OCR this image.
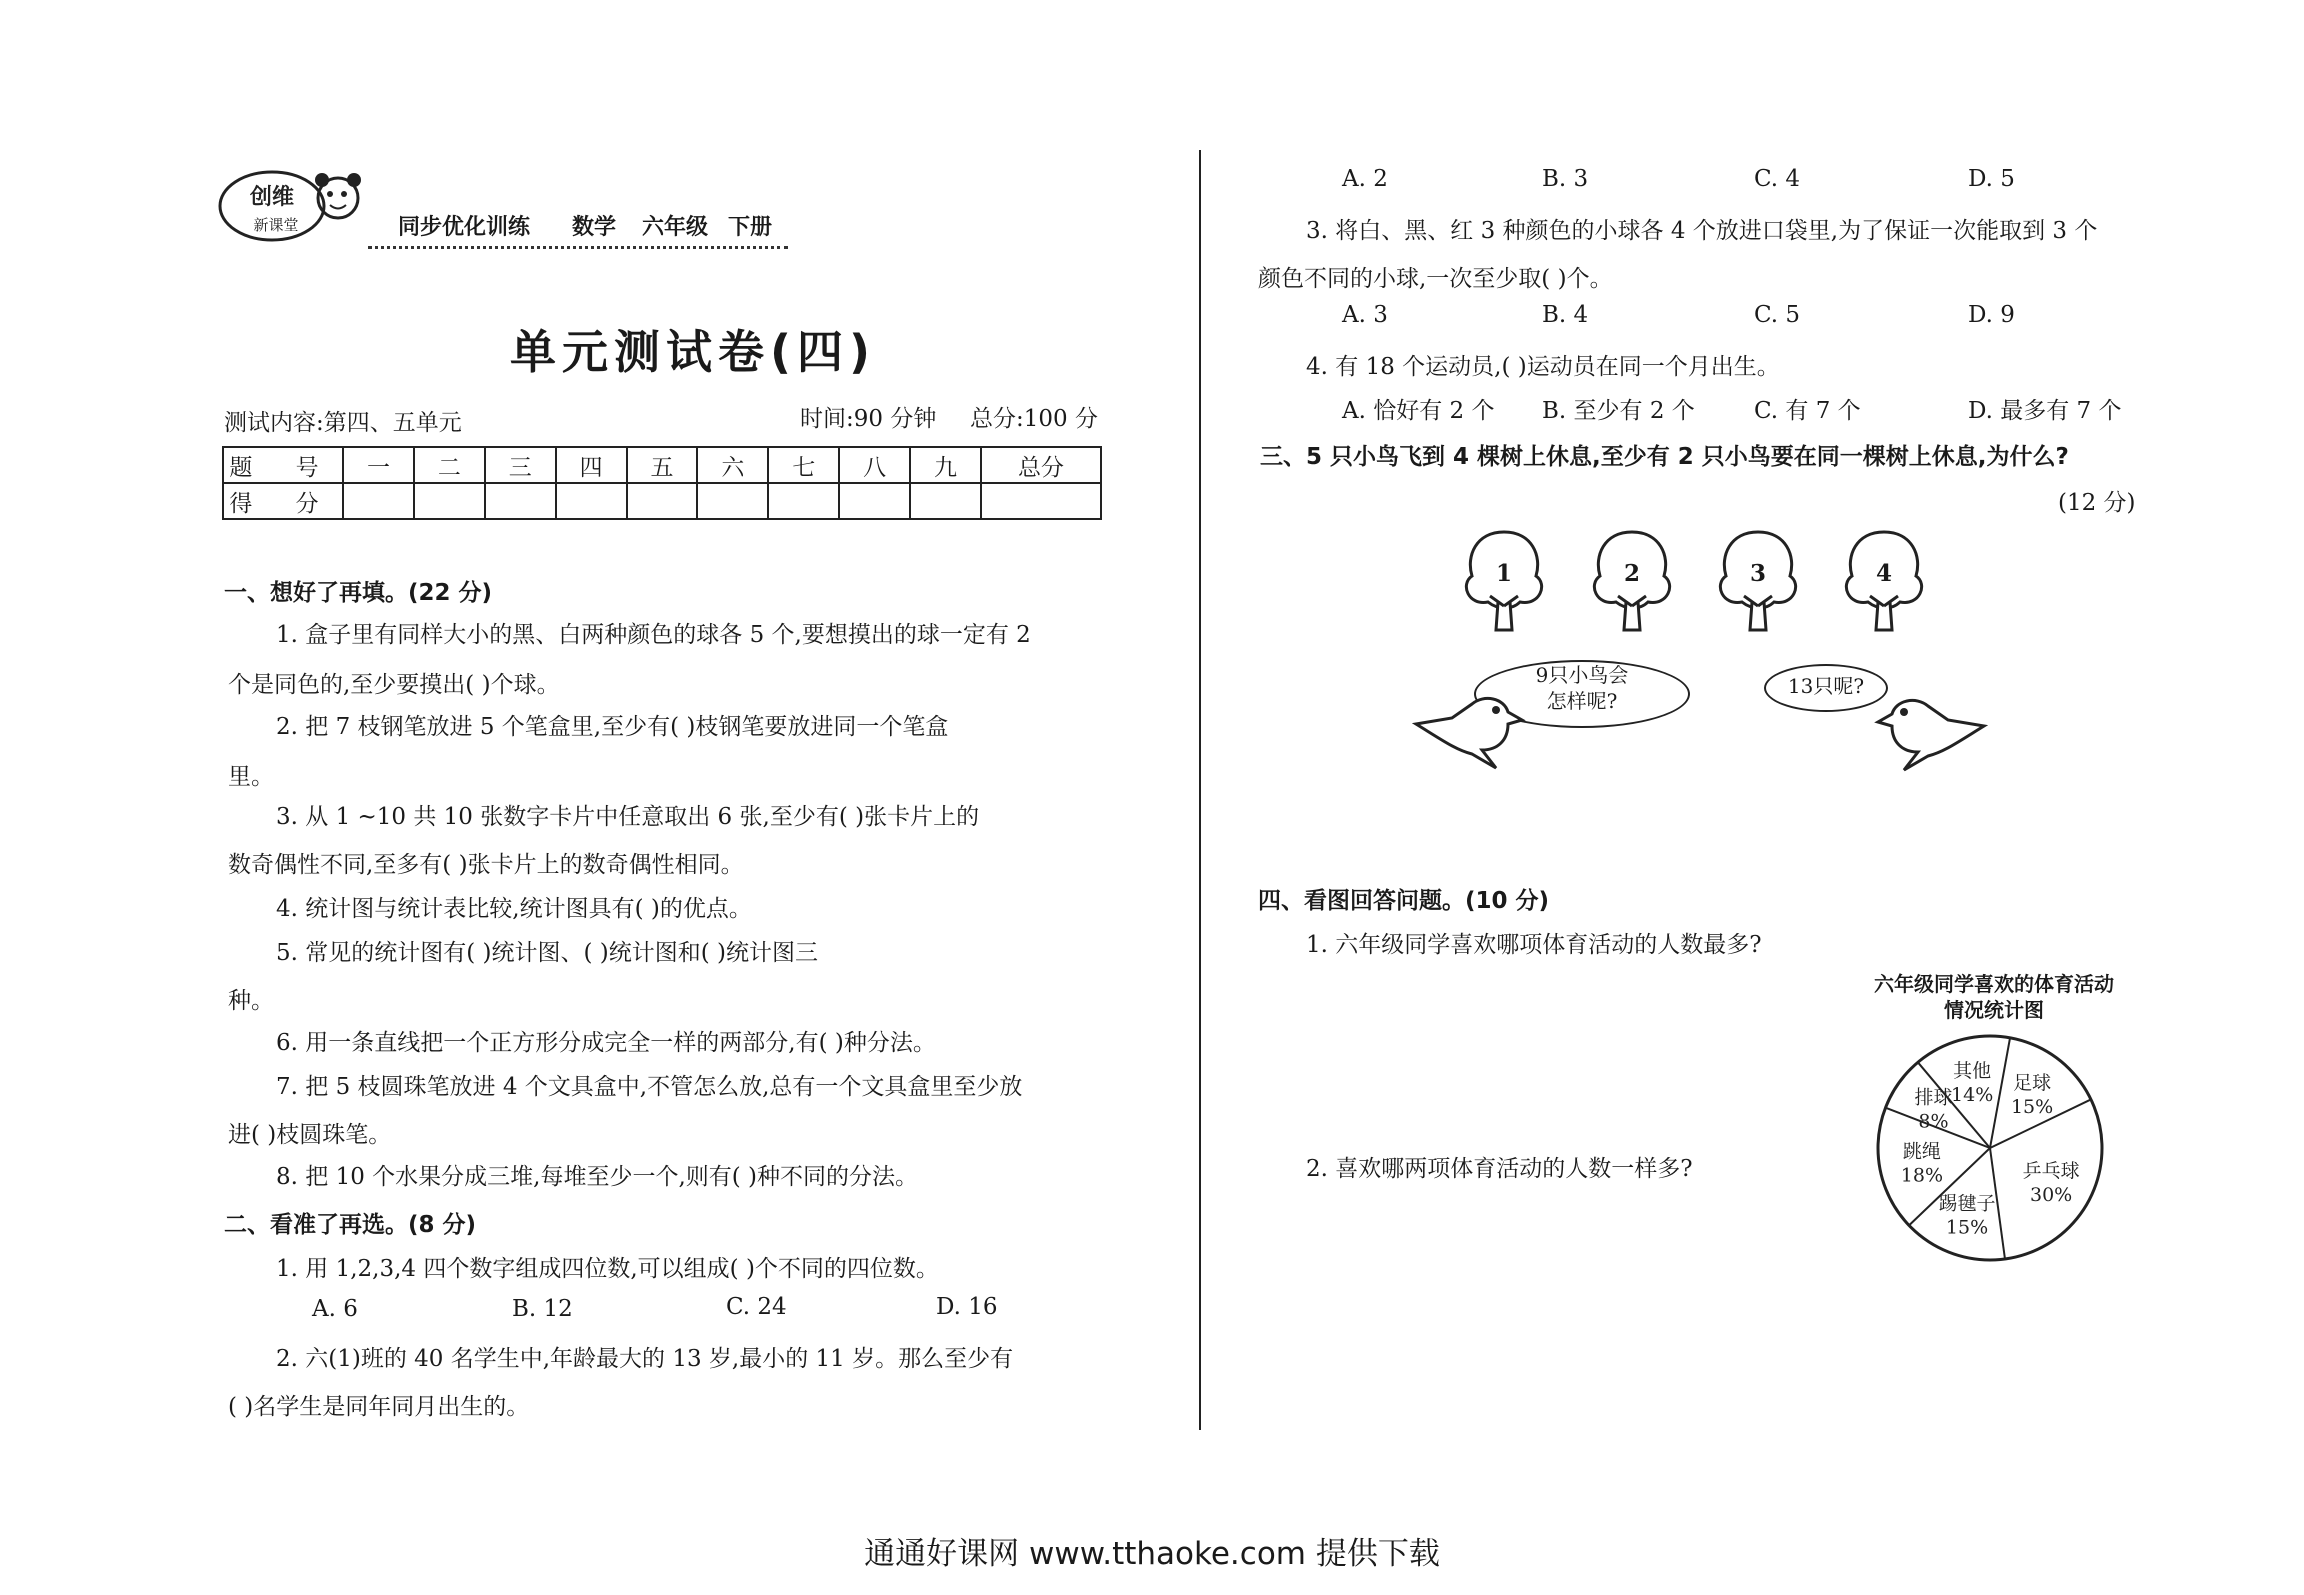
创维
新课堂	同步优化训练 数学 六年级 下册
单元测试卷(四)
测试内容:第四、五单元	时间:90 分钟 总分:100 分
题 号	一	二	三	四	五	六	七	八	九	总分
得 分										
一、想好了再填。(22 分)
1. 盒子里有同样大小的黑、白两种颜色的球各 5 个,要想摸出的球一定有 2
个是同色的,至少要摸出( )个球。
2. 把 7 枝钢笔放进 5 个笔盒里,至少有( )枝钢笔要放进同一个笔盒
里。
3. 从 1 ~10 共 10 张数字卡片中任意取出 6 张,至少有( )张卡片上的
数奇偶性不同,至多有( )张卡片上的数奇偶性相同。
4. 统计图与统计表比较,统计图具有( )的优点。
5. 常见的统计图有( )统计图、( )统计图和( )统计图三
种。
6. 用一条直线把一个正方形分成完全一样的两部分,有( )种分法。
7. 把 5 枝圆珠笔放进 4 个文具盒中,不管怎么放,总有一个文具盒里至少放
进( )枝圆珠笔。
8. 把 10 个水果分成三堆,每堆至少一个,则有( )种不同的分法。
二、看准了再选。(8 分)
1. 用 1,2,3,4 四个数字组成四位数,可以组成( )个不同的四位数。
A. 6	B. 12	C. 24	D. 16
2. 六(1)班的 40 名学生中,年龄最大的 13 岁,最小的 11 岁。那么至少有
( )名学生是同年同月出生的。
A. 2	B. 3	C. 4	D. 5
3. 将白、黑、红 3 种颜色的小球各 4 个放进口袋里,为了保证一次能取到 3 个
颜色不同的小球,一次至少取( )个。
A. 3	B. 4	C. 5	D. 9
4. 有 18 个运动员,( )运动员在同一个月出生。
A. 恰好有 2 个 B. 至少有 2 个	C. 有 7 个	D. 最多有 7 个
三、5 只小鸟飞到 4 棵树上休息,至少有 2 只小鸟要在同一棵树上休息,为什么?
(12 分)
1	2	3	4
9只小鸟会
怎样呢?
13只呢?
四、看图回答问题。(10 分)
1. 六年级同学喜欢哪项体育活动的人数最多?
2. 喜欢哪两项体育活动的人数一样多?
六年级同学喜欢的体育活动
情况统计图
足球
15%
乒乓球
30%
踢毽子
15%
跳绳
18%
排球
8%
其他
14%
通通好课网 www.tthaoke.com 提供下载
